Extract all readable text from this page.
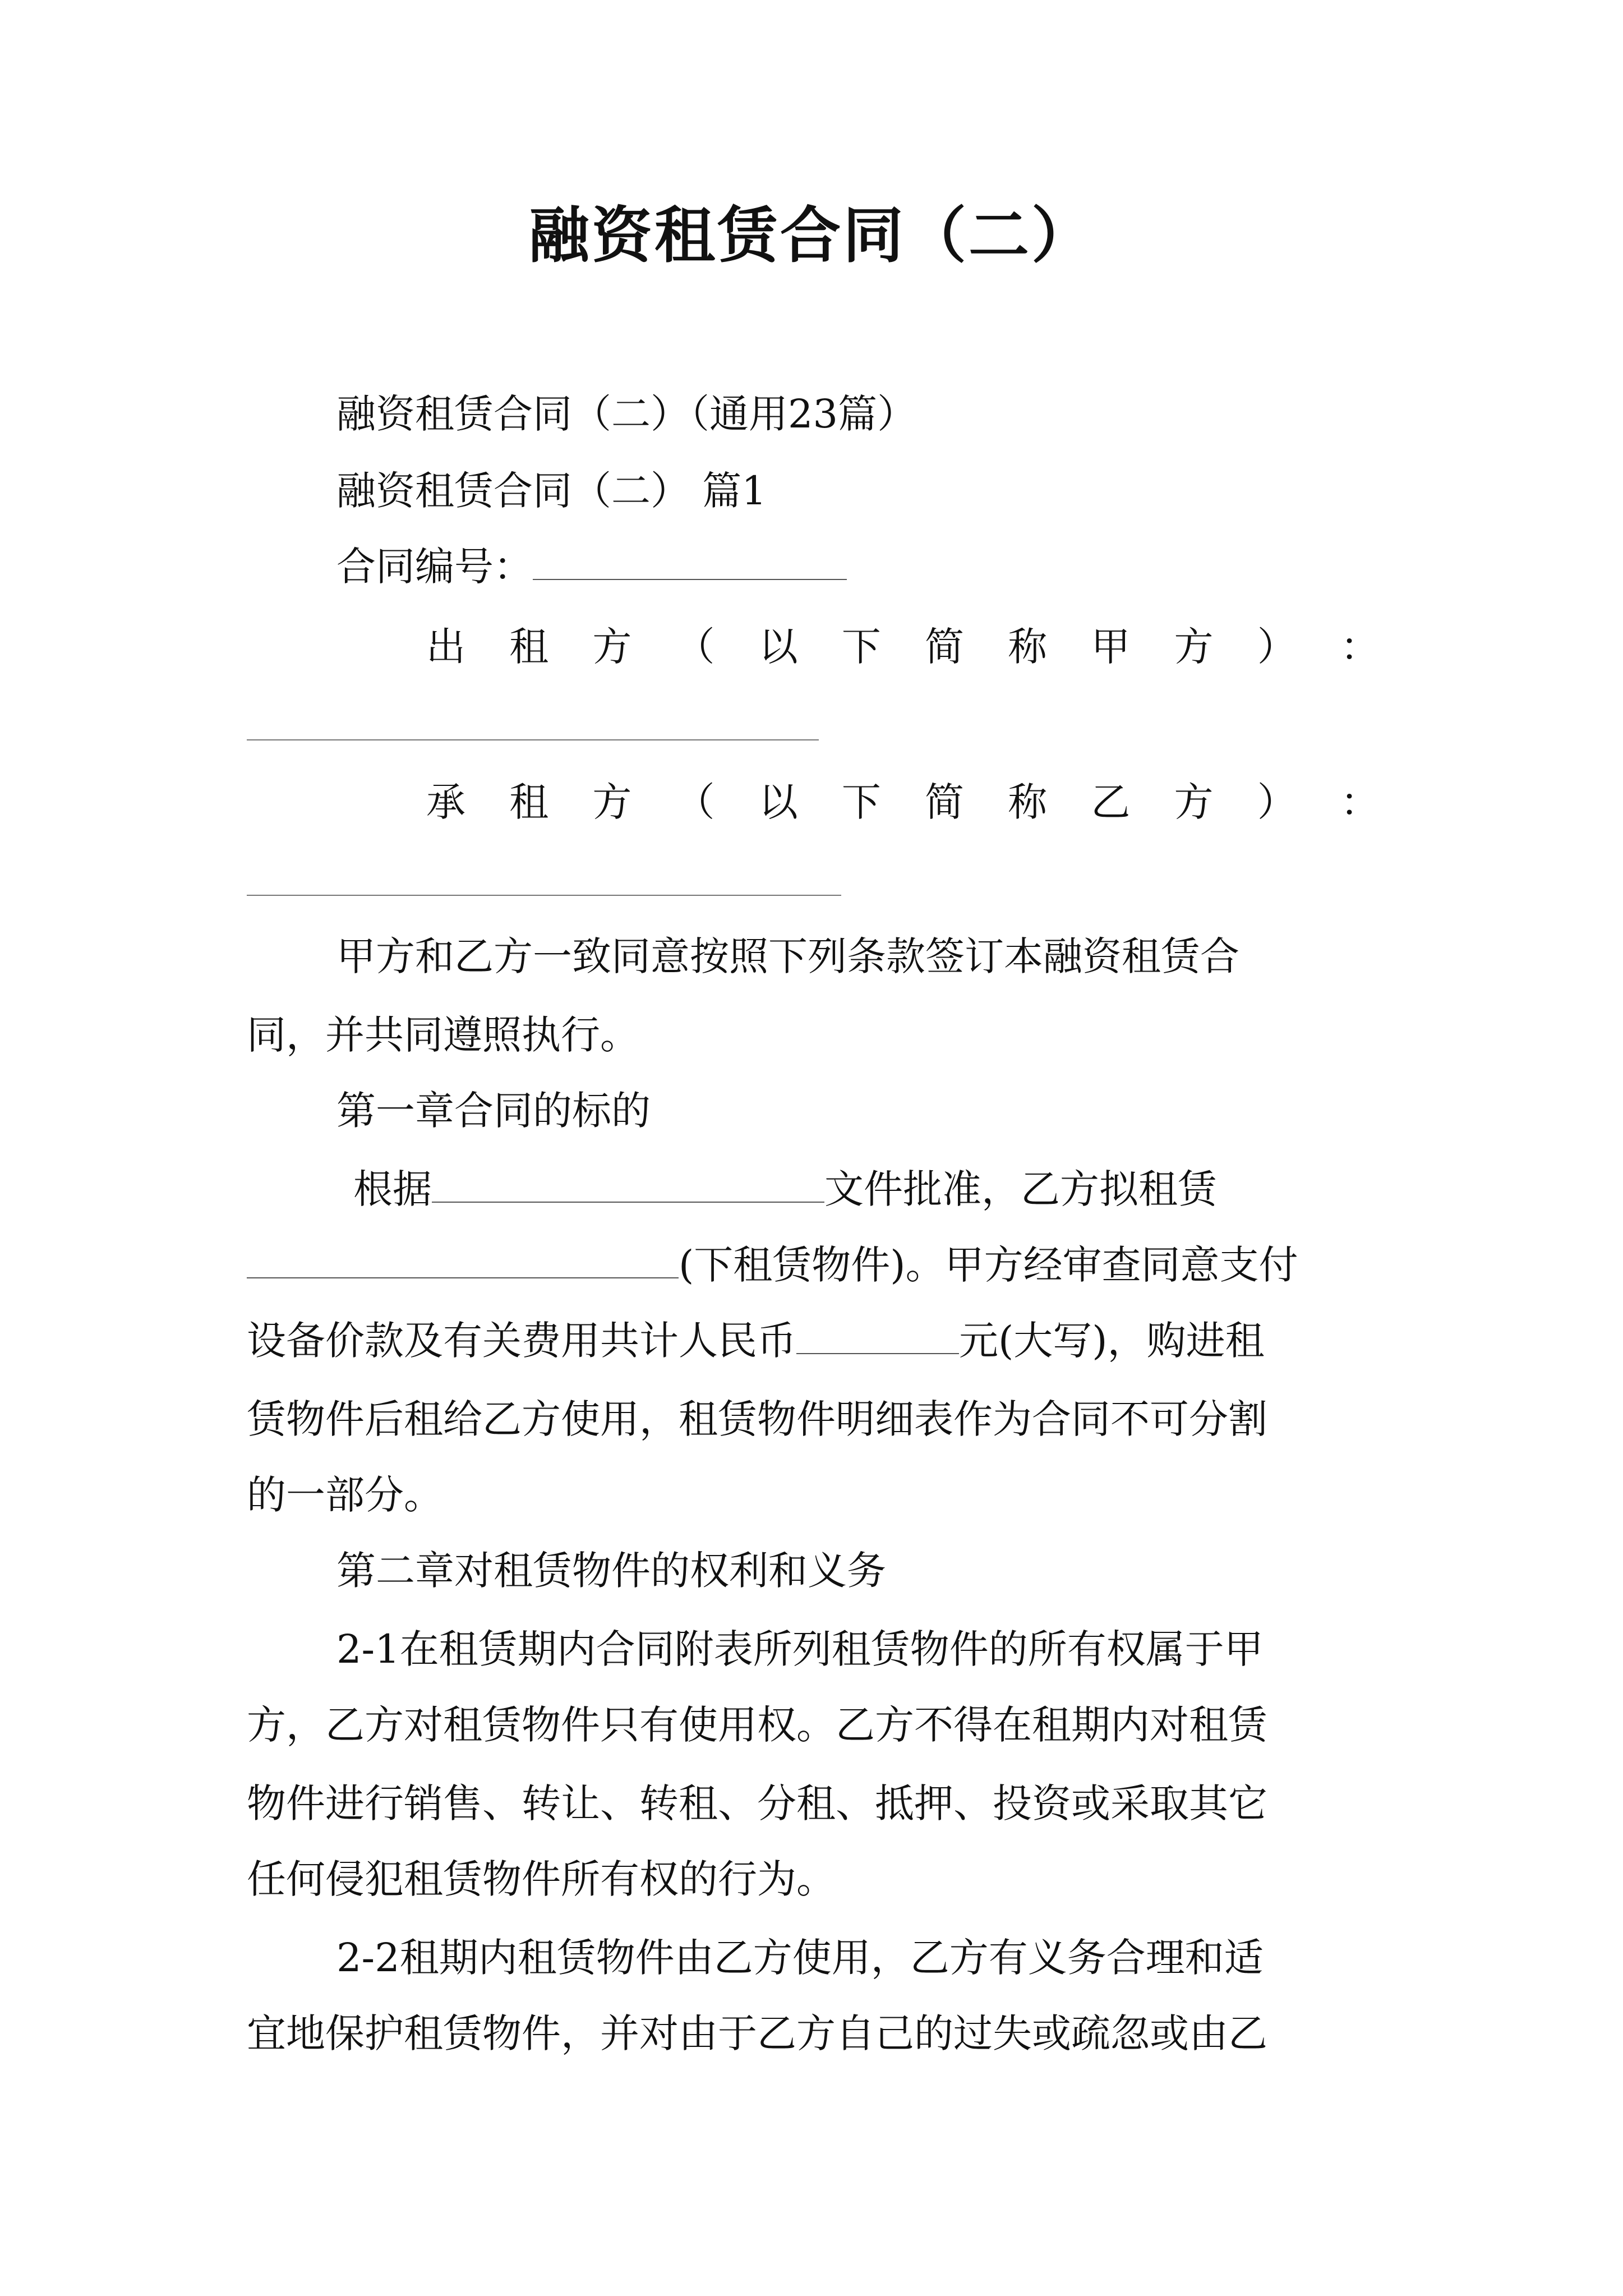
融资租赁合同（二）
融资租赁合同（二）（通用23篇）
融资租赁合同（二） 篇1
合同编号：
出 租 方 （ 以 下 简 称 甲 方 ） ：
承 租 方 （ 以 下 简 称 乙 方 ） ：
甲方和乙方一致同意按照下列条款签订本融资租赁合
同，并共同遵照执行。
第一章合同的标的
根据	文件批准，乙方拟租赁
(下租赁物件)。甲方经审查同意支付
设备价款及有关费用共计人民币	元(大写)，购进租
赁物件后租给乙方使用，租赁物件明细表作为合同不可分割
的一部分。
第二章对租赁物件的权利和义务
2-1在租赁期内合同附表所列租赁物件的所有权属于甲
方，乙方对租赁物件只有使用权。乙方不得在租期内对租赁
物件进行销售、转让、转租、分租、抵押、投资或采取其它
任何侵犯租赁物件所有权的行为。
2-2租期内租赁物件由乙方使用，乙方有义务合理和适
宜地保护租赁物件，并对由于乙方自己的过失或疏忽或由乙
